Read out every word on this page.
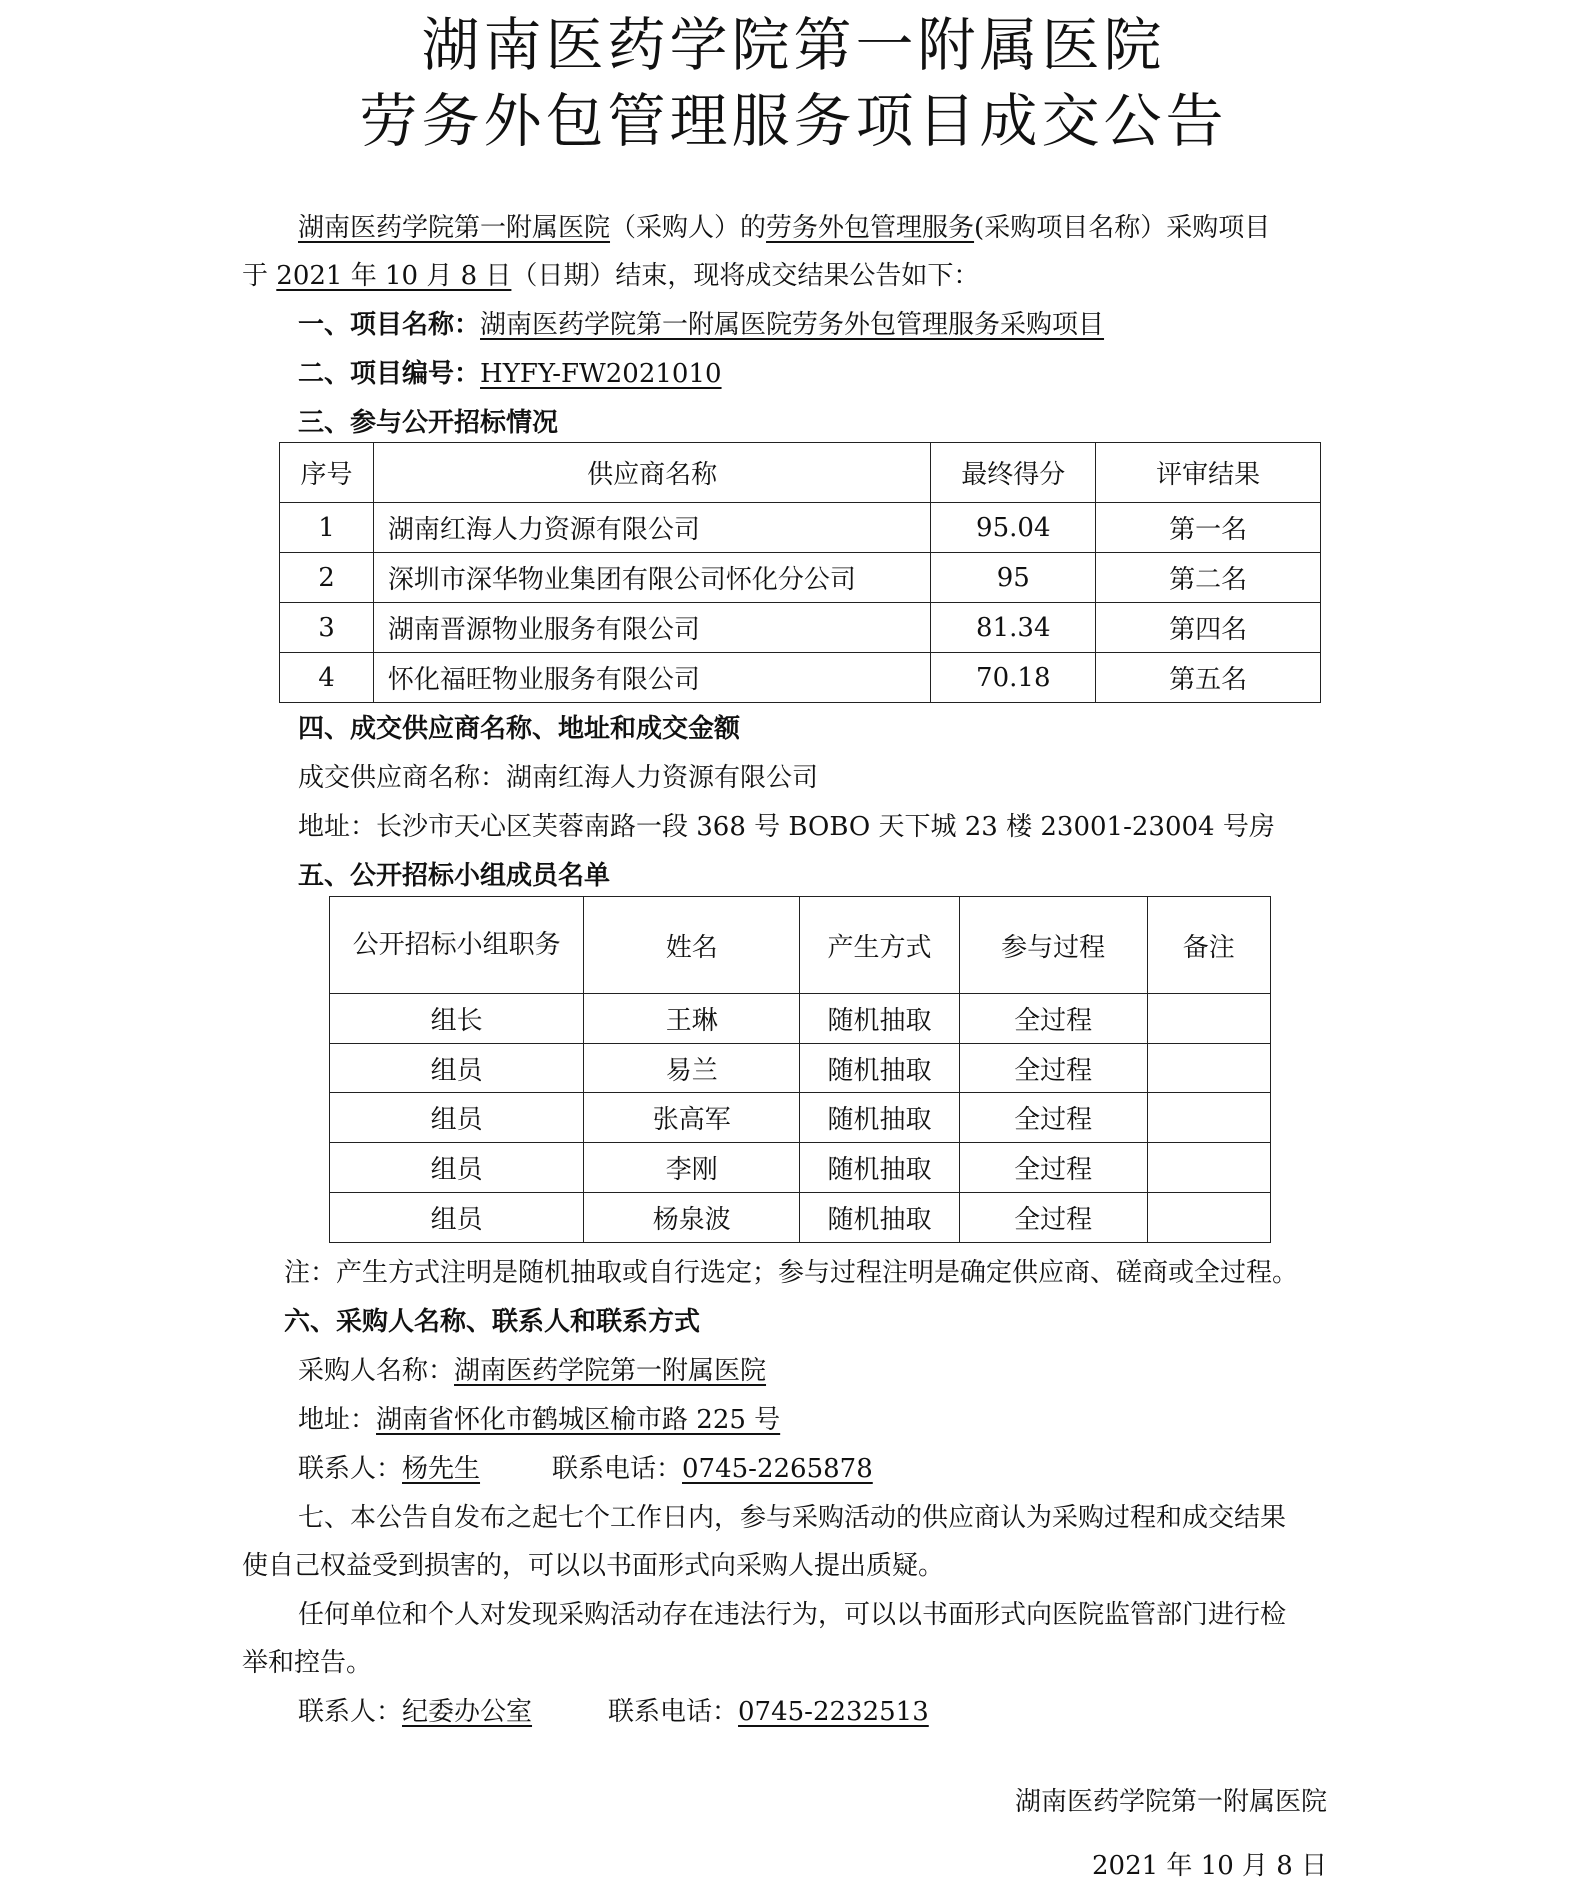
湖南医药学院第一附属医院
劳务外包管理服务项目成交公告
湖南医药学院第一附属医院（采购人）的劳务外包管理服务(采购项目名称）采购项目
于 2021 年 10 月 8 日（日期）结束，现将成交结果公告如下：
一、项目名称：湖南医药学院第一附属医院劳务外包管理服务采购项目
二、项目编号：HYFY-FW2021010
三、参与公开招标情况
序号	供应商名称	最终得分	评审结果
1	湖南红海人力资源有限公司	95.04	第一名
2	深圳市深华物业集团有限公司怀化分公司	95	第二名
3	湖南晋源物业服务有限公司	81.34	第四名
4	怀化福旺物业服务有限公司	70.18	第五名
四、成交供应商名称、地址和成交金额
成交供应商名称：湖南红海人力资源有限公司
地址：长沙市天心区芙蓉南路一段 368 号 BOBO 天下城 23 楼 23001-23004 号房
五、公开招标小组成员名单
公开招标小组职务	姓名	产生方式	参与过程	备注
组长	王琳	随机抽取	全过程	
组员	易兰	随机抽取	全过程	
组员	张高军	随机抽取	全过程	
组员	李刚	随机抽取	全过程	
组员	杨泉波	随机抽取	全过程	
注：产生方式注明是随机抽取或自行选定；参与过程注明是确定供应商、磋商或全过程。
六、采购人名称、联系人和联系方式
采购人名称：湖南医药学院第一附属医院
地址：湖南省怀化市鹤城区榆市路 225 号
联系人：杨先生	联系电话：0745-2265878
七、本公告自发布之起七个工作日内，参与采购活动的供应商认为采购过程和成交结果
使自己权益受到损害的，可以以书面形式向采购人提出质疑。
任何单位和个人对发现采购活动存在违法行为，可以以书面形式向医院监管部门进行检
举和控告。
联系人：纪委办公室	联系电话：0745-2232513
湖南医药学院第一附属医院
2021 年 10 月 8 日
